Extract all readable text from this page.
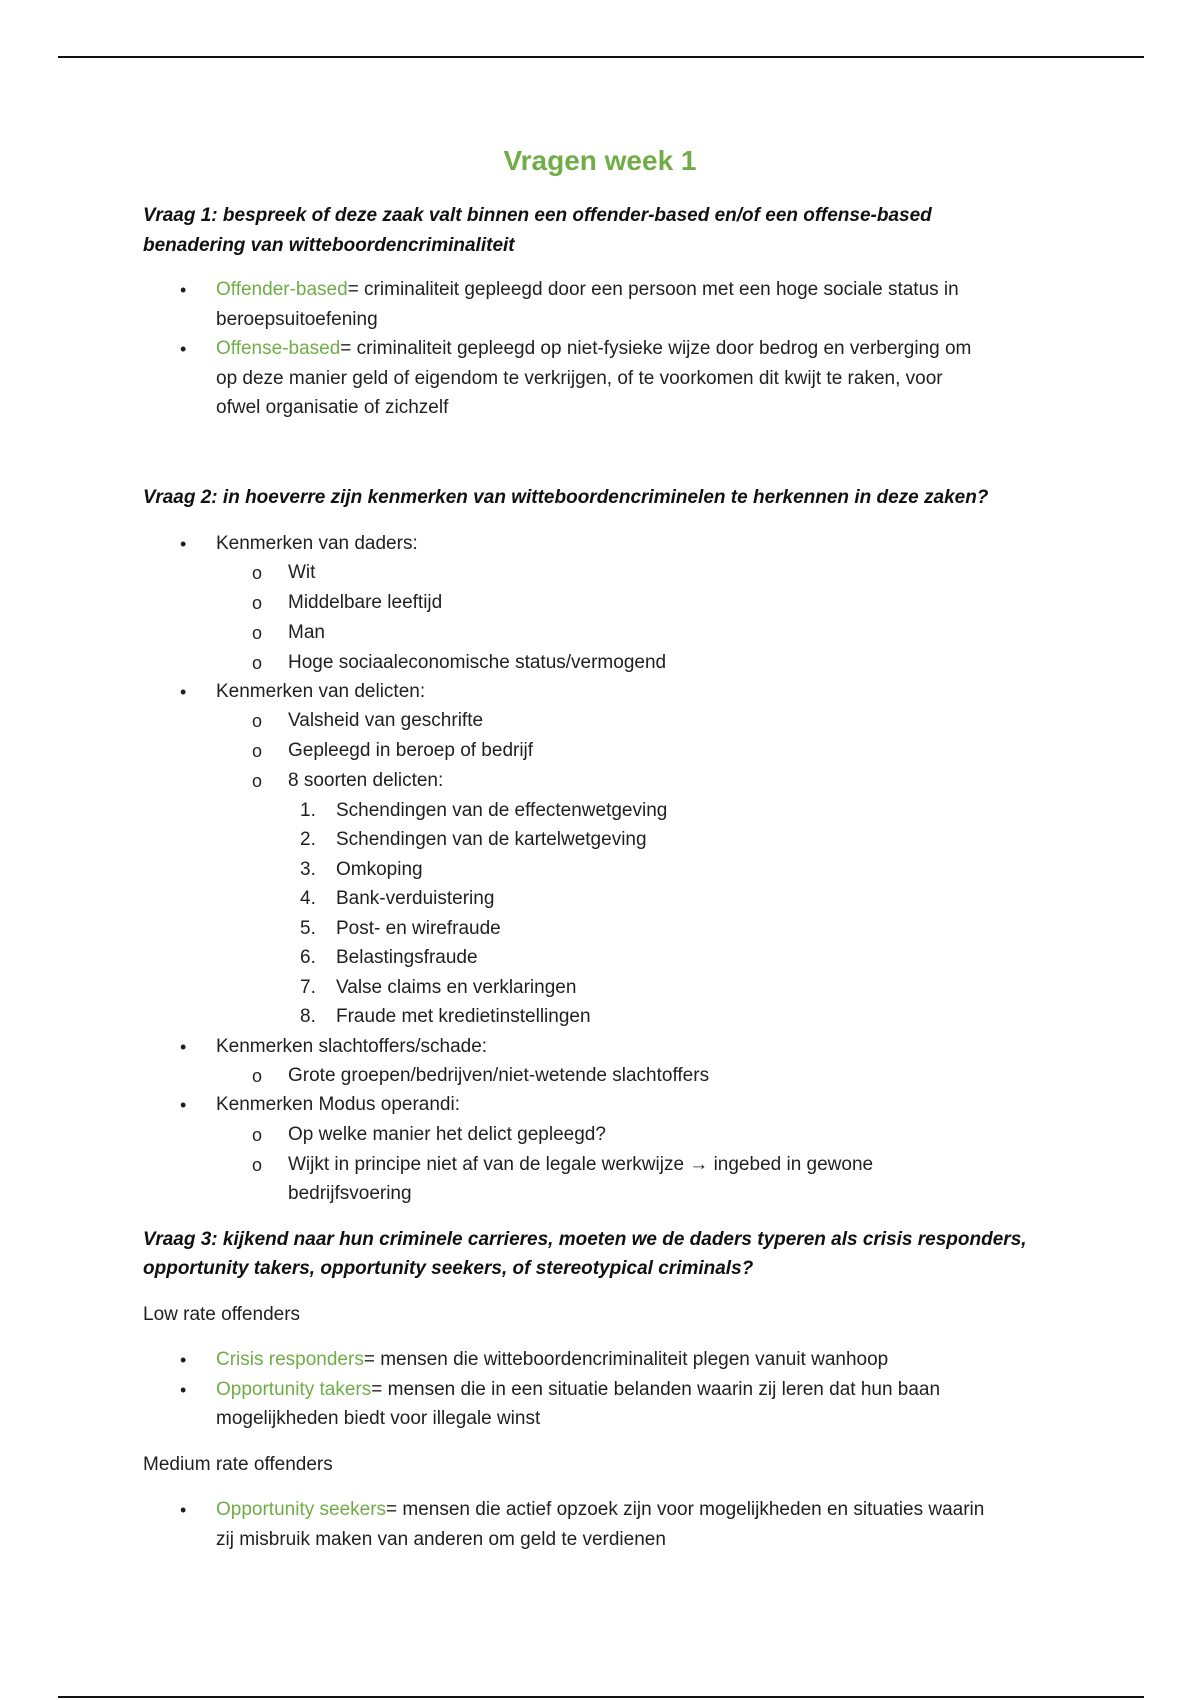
Vragen week 1
Vraag 1: bespreek of deze zaak valt binnen een offender-based en/of een offense-based
benadering van witteboordencriminaliteit
•
Offender-based= criminaliteit gepleegd door een persoon met een hoge sociale status in
beroepsuitoefening
•
Offense-based= criminaliteit gepleegd op niet-fysieke wijze door bedrog en verberging om
op deze manier geld of eigendom te verkrijgen, of te voorkomen dit kwijt te raken, voor
ofwel organisatie of zichzelf
Vraag 2: in hoeverre zijn kenmerken van witteboordencriminelen te herkennen in deze zaken?
•
Kenmerken van daders:
o Wit
o Middelbare leeftijd
o Man
o Hoge sociaaleconomische status/vermogend
•
Kenmerken van delicten:
o Valsheid van geschrifte
o Gepleegd in beroep of bedrijf
o 8 soorten delicten:
1. Schendingen van de effectenwetgeving
2. Schendingen van de kartelwetgeving
3. Omkoping
4. Bank-verduistering
5. Post- en wirefraude
6. Belastingsfraude
7. Valse claims en verklaringen
8. Fraude met kredietinstellingen
•
Kenmerken slachtoffers/schade:
o Grote groepen/bedrijven/niet-wetende slachtoffers
•
Kenmerken Modus operandi:
o Op welke manier het delict gepleegd?
o Wijkt in principe niet af van de legale werkwijze → ingebed in gewone
bedrijfsvoering
Vraag 3: kijkend naar hun criminele carrieres, moeten we de daders typeren als crisis responders,
opportunity takers, opportunity seekers, of stereotypical criminals?
Low rate offenders
•
Crisis responders= mensen die witteboordencriminaliteit plegen vanuit wanhoop
•
Opportunity takers= mensen die in een situatie belanden waarin zij leren dat hun baan
mogelijkheden biedt voor illegale winst
Medium rate offenders
•
Opportunity seekers= mensen die actief opzoek zijn voor mogelijkheden en situaties waarin
zij misbruik maken van anderen om geld te verdienen
